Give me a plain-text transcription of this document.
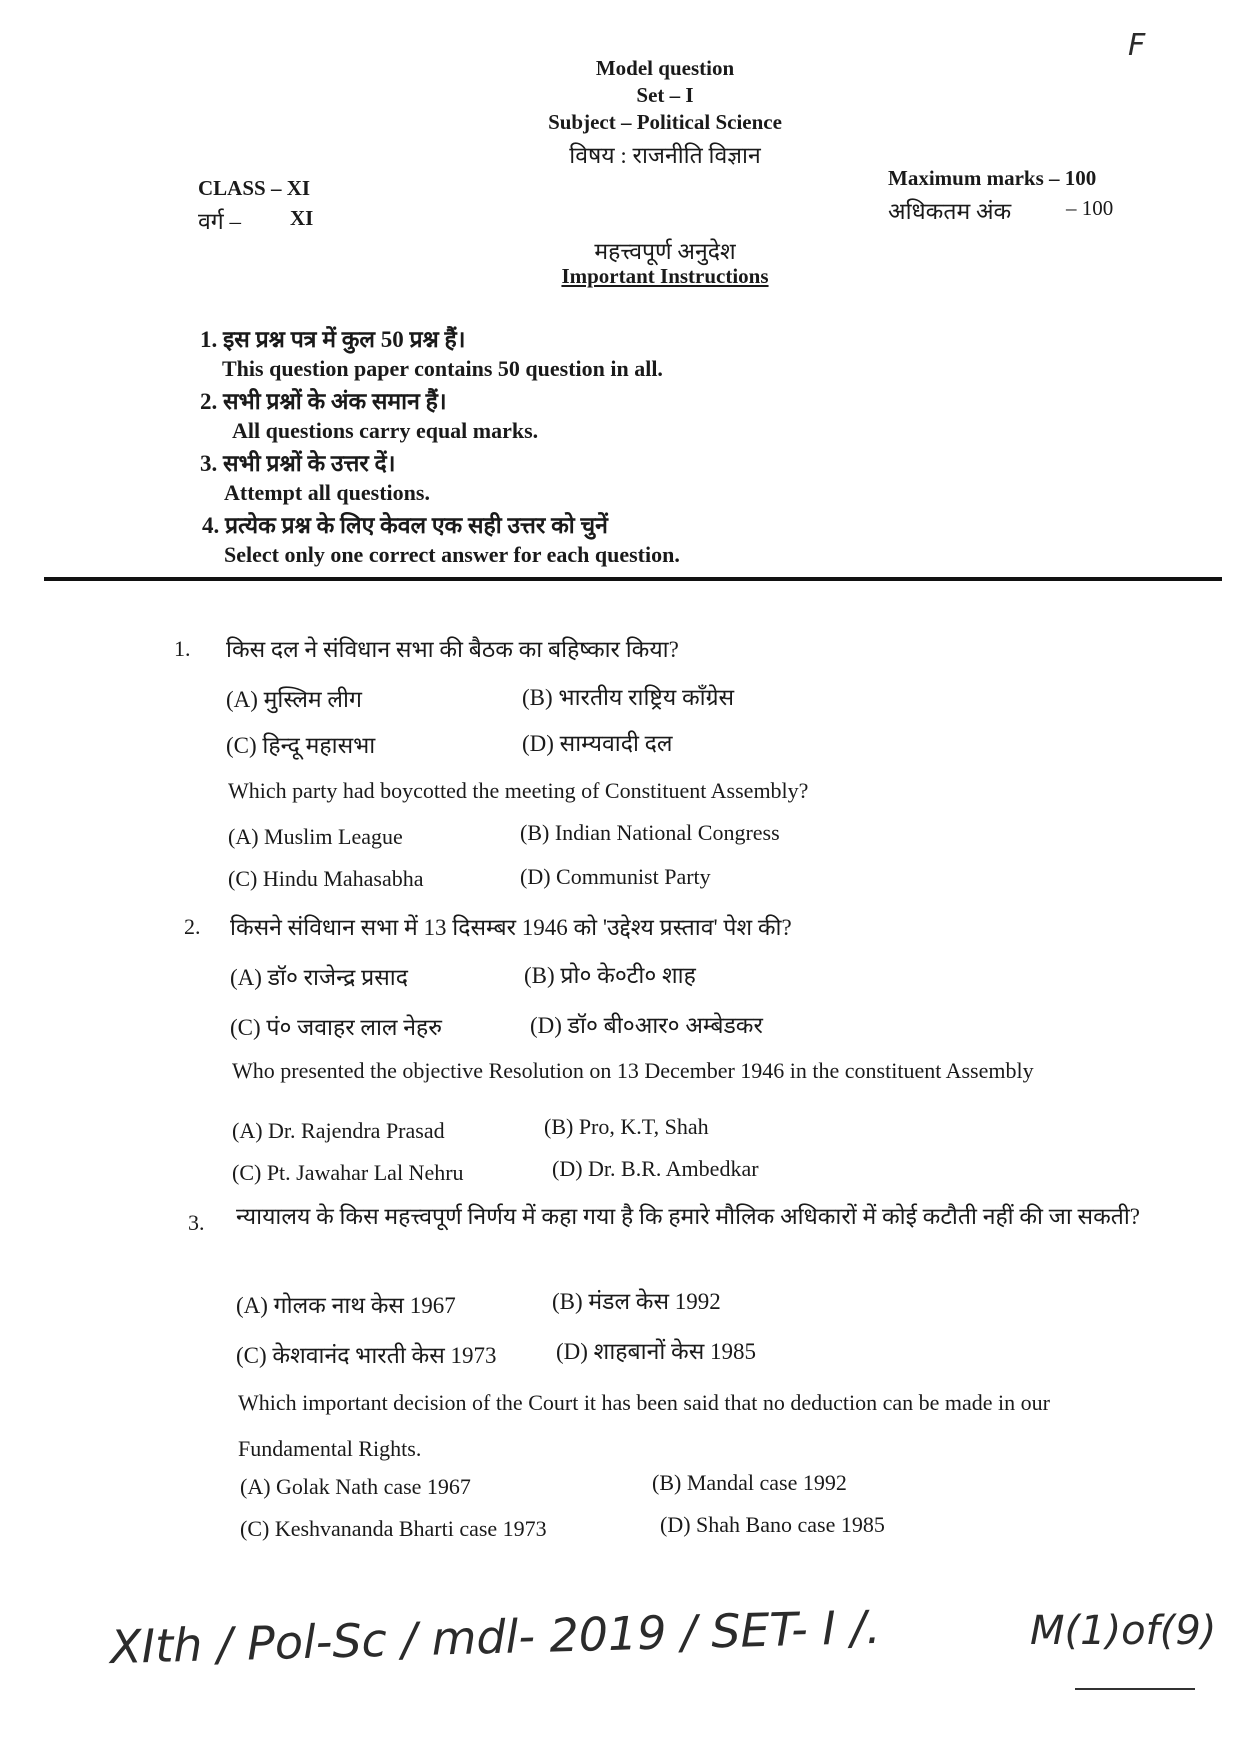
F
Model question
Set – I
Subject – Political Science
विषय : राजनीति विज्ञान
CLASS – XI
वर्ग – XI
Maximum marks – 100
अधिकतम अंक	– 100
महत्त्वपूर्ण अनुदेश
Important Instructions
1. इस प्रश्न पत्र में कुल 50 प्रश्न हैं।
This question paper contains 50 question in all.
2. सभी प्रश्नों के अंक समान हैं।
All questions carry equal marks.
3. सभी प्रश्नों के उत्तर दें।
Attempt all questions.
4. प्रत्येक प्रश्न के लिए केवल एक सही उत्तर को चुनें
Select only one correct answer for each question.
1. किस दल ने संविधान सभा की बैठक का बहिष्कार किया?
(A) मुस्लिम लीग	(B) भारतीय राष्ट्रिय कॉंग्रेस
(C) हिन्दू महासभा	(D) साम्यवादी दल
Which party had boycotted the meeting of Constituent Assembly?
(A) Muslim League	(B) Indian National Congress
(C) Hindu Mahasabha	(D) Communist Party
2. किसने संविधान सभा में 13 दिसम्बर 1946 को 'उद्देश्य प्रस्ताव' पेश की?
(A) डॉ० राजेन्द्र प्रसाद	(B) प्रो० के०टी० शाह
(C) पं० जवाहर लाल नेहरु	(D) डॉ० बी०आर० अम्बेडकर
Who presented the objective Resolution on 13 December 1946 in the constituent Assembly
(A) Dr. Rajendra Prasad	(B) Pro, K.T, Shah
(C) Pt. Jawahar Lal Nehru	(D) Dr. B.R. Ambedkar
3. न्यायालय के किस महत्त्वपूर्ण निर्णय में कहा गया है कि हमारे मौलिक अधिकारों में कोई कटौती नहीं की जा सकती?
(A) गोलक नाथ केस 1967	(B) मंडल केस 1992
(C) केशवानंद भारती केस 1973	(D) शाहबानों केस 1985
Which important decision of the Court it has been said that no deduction can be made in our Fundamental Rights.
(A) Golak Nath case 1967	(B) Mandal case 1992
(C) Keshvananda Bharti case 1973	(D) Shah Bano case 1985
XIth / Pol-Sc / mdl- 2019 / SET- I /.	M(1)of(9)
